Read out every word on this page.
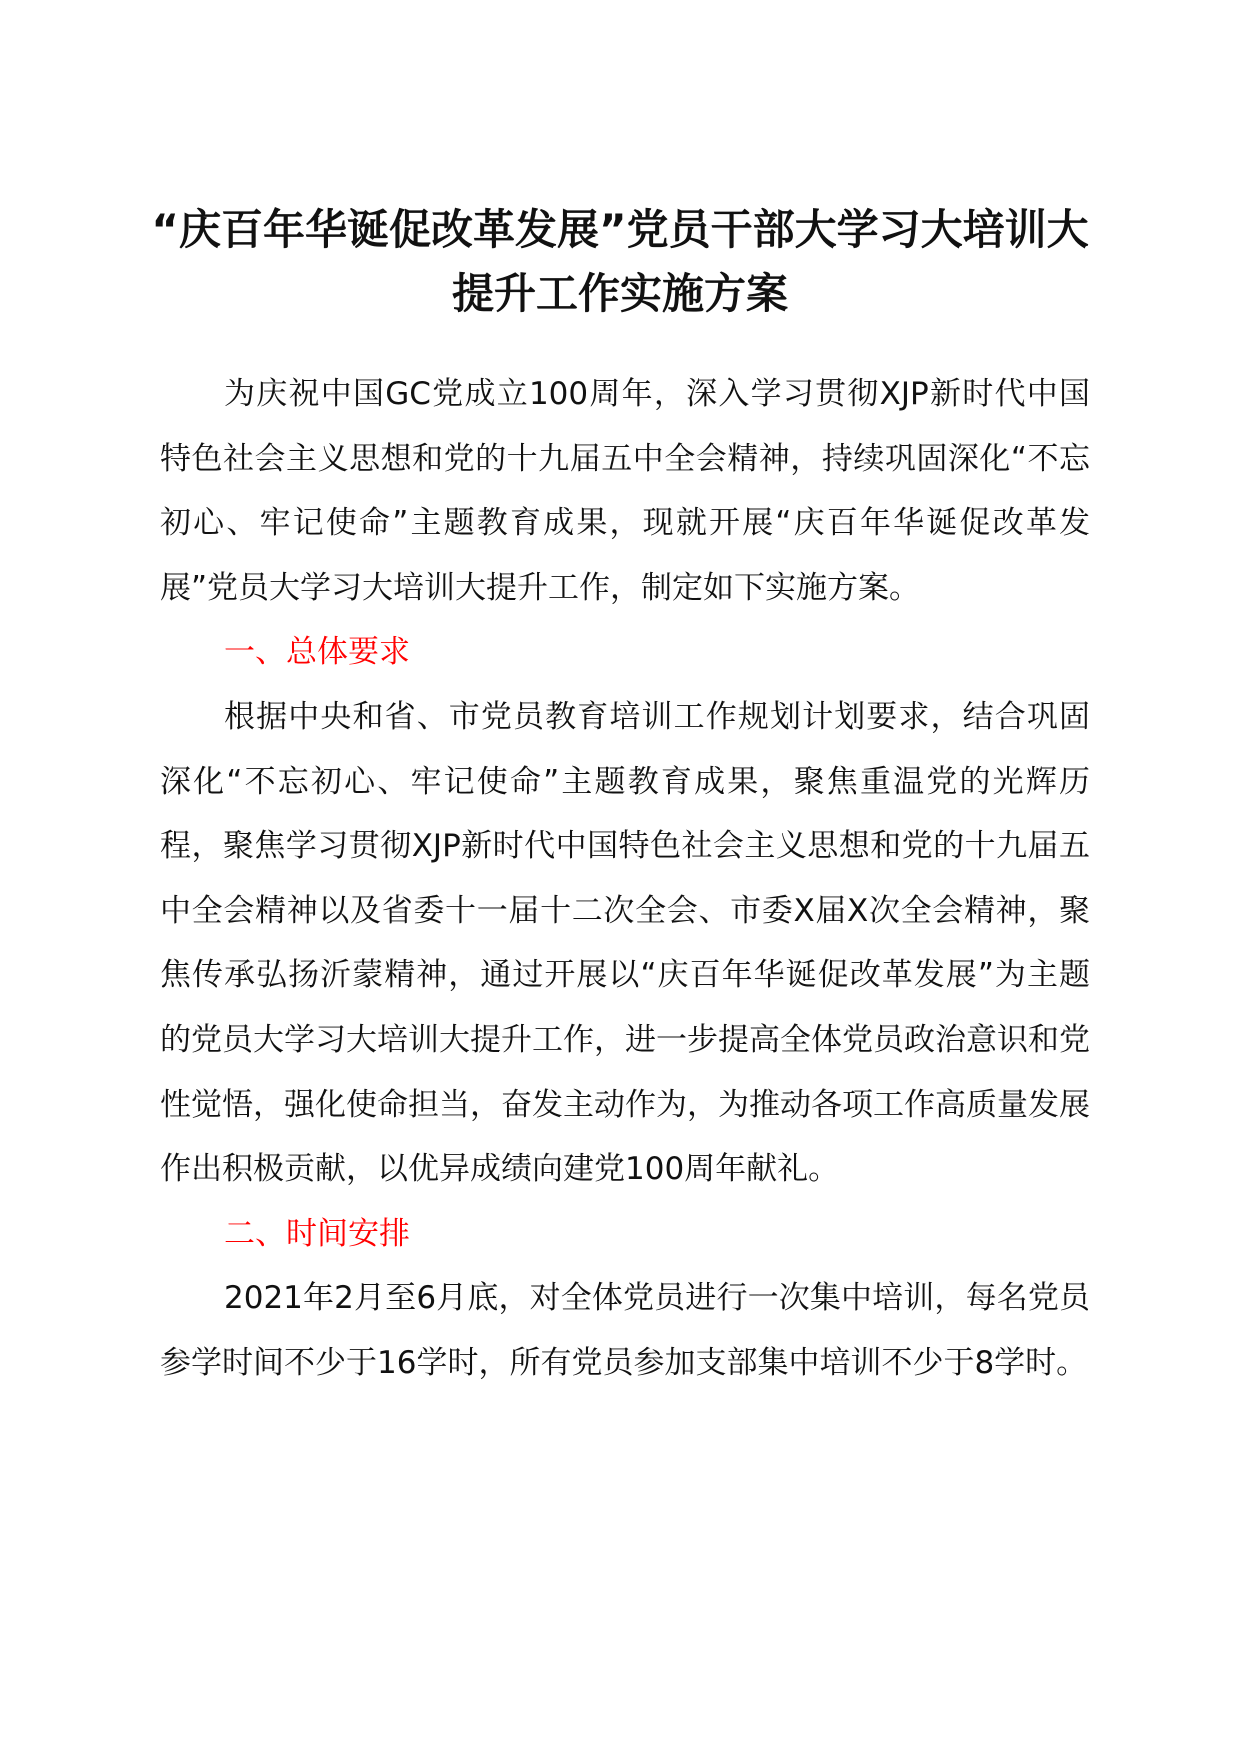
“庆百年华诞促改革发展”党员干部大学习大培训大提升工作实施方案

为庆祝中国GC党成立100周年，深入学习贯彻XJP新时代中国特色社会主义思想和党的十九届五中全会精神，持续巩固深化“不忘初心、牢记使命”主题教育成果，现就开展“庆百年华诞促改革发展”党员大学习大培训大提升工作，制定如下实施方案。

一、总体要求

根据中央和省、市党员教育培训工作规划计划要求，结合巩固深化“不忘初心、牢记使命”主题教育成果，聚焦重温党的光辉历程，聚焦学习贯彻XJP新时代中国特色社会主义思想和党的十九届五中全会精神以及省委十一届十二次全会、市委X届X次全会精神，聚焦传承弘扬沂蒙精神，通过开展以“庆百年华诞促改革发展”为主题的党员大学习大培训大提升工作，进一步提高全体党员政治意识和党性觉悟，强化使命担当，奋发主动作为，为推动各项工作高质量发展作出积极贡献，以优异成绩向建党100周年献礼。

二、时间安排

2021年2月至6月底，对全体党员进行一次集中培训，每名党员参学时间不少于16学时，所有党员参加支部集中培训不少于8学时。
